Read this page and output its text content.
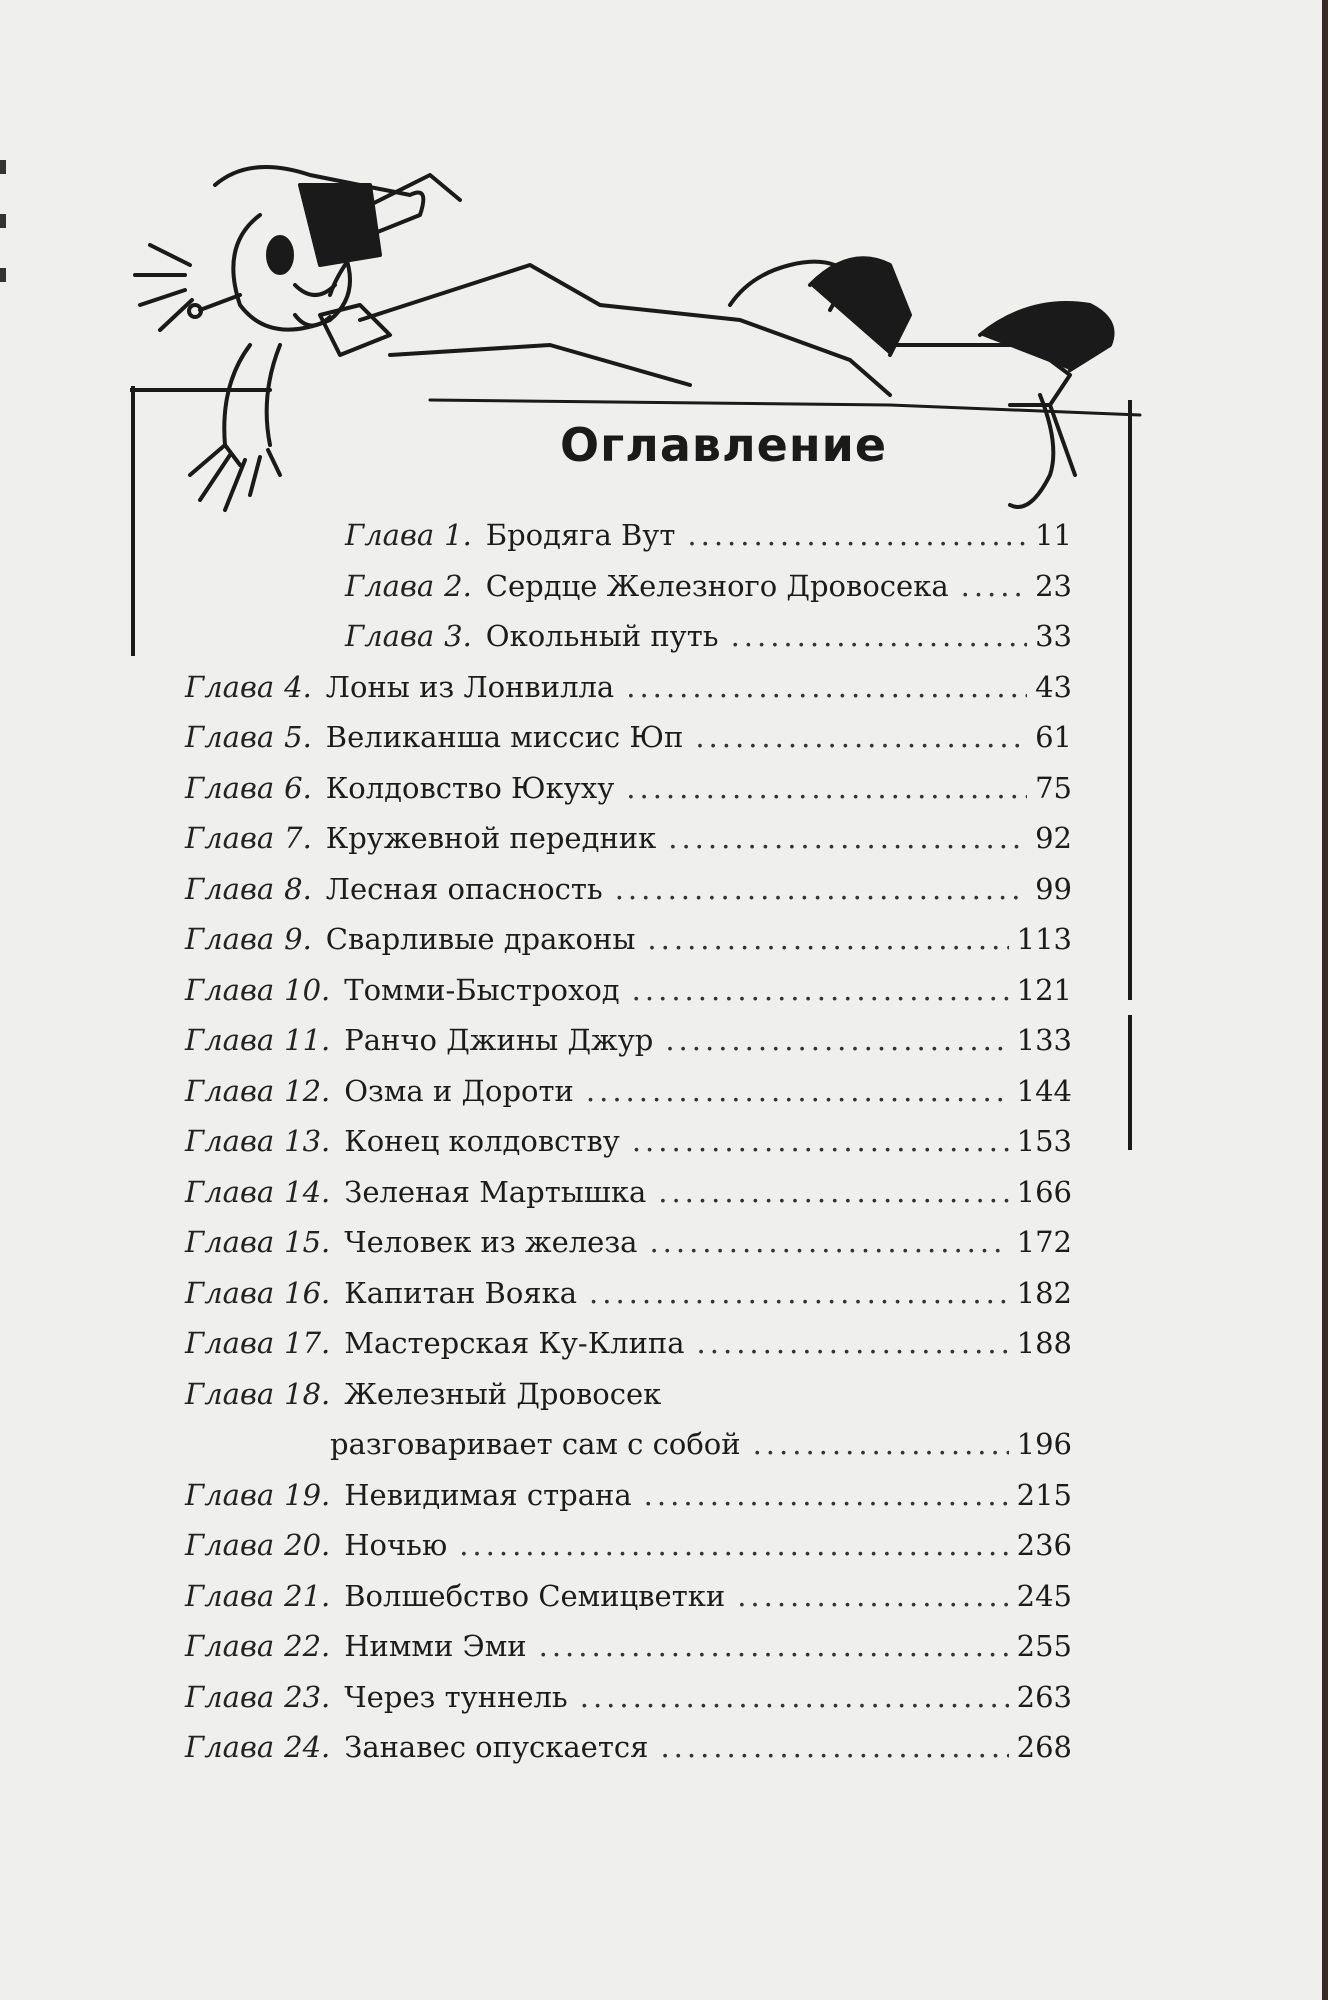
Оглавление
Глава 1. Бродяга Вут .....	11
Глава 2. Сердце Железного Дровосека .....	23
Глава 3. Окольный путь .....	33
Глава 4. Лоны из Лонвилла .....	43
Глава 5. Великанша миссис Юп .....	61
Глава 6. Колдовство Юкуху .....	75
Глава 7. Кружевной передник .....	92
Глава 8. Лесная опасность .....	99
Глава 9. Сварливые драконы .....	113
Глава 10. Томми-Быстроход .....	121
Глава 11. Ранчо Джины Джур .....	133
Глава 12. Озма и Дороти .....	144
Глава 13. Конец колдовству .....	153
Глава 14. Зеленая Мартышка .....	166
Глава 15. Человек из железа .....	172
Глава 16. Капитан Вояка .....	182
Глава 17. Мастерская Ку-Клипа .....	188
Глава 18. Железный Дровосек
разговаривает сам с собой .....	196
Глава 19. Невидимая страна .....	215
Глава 20. Ночью .....	236
Глава 21. Волшебство Семицветки .....	245
Глава 22. Нимми Эми .....	255
Глава 23. Через туннель .....	263
Глава 24. Занавес опускается .....	268
